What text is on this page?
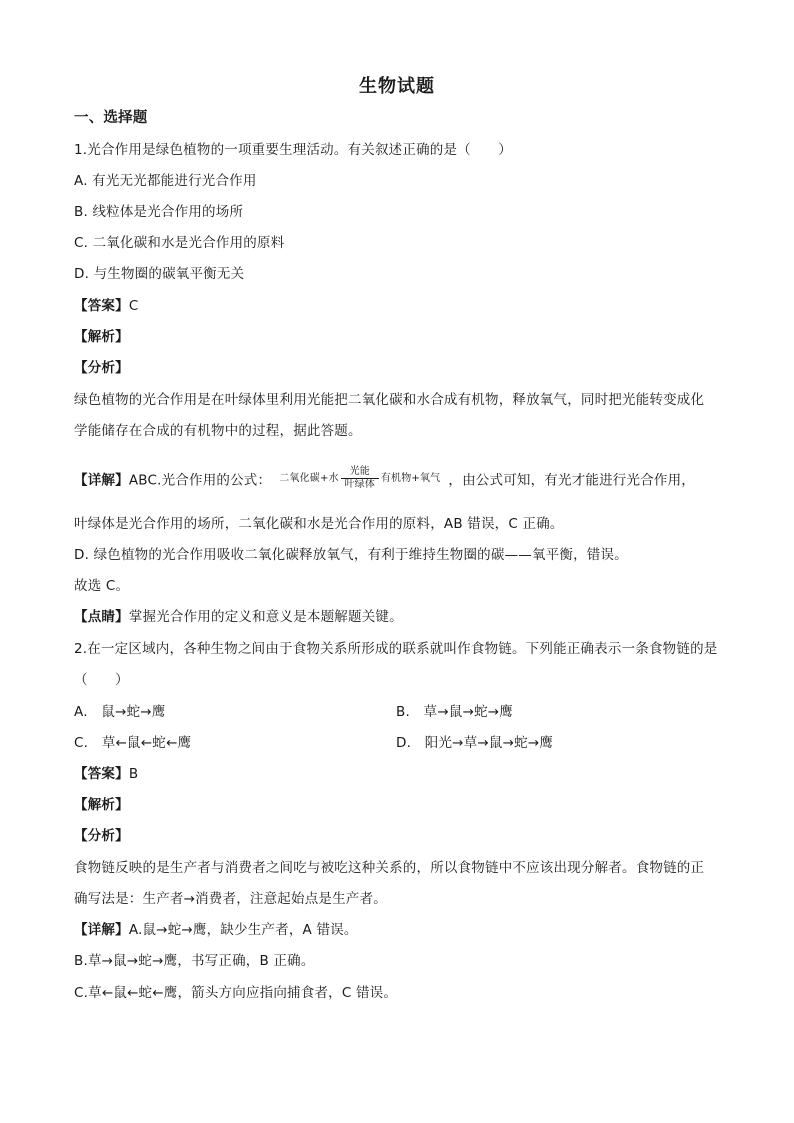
生物试题
一、选择题
1.光合作用是绿色植物的一项重要生理活动。有关叙述正确的是（　　）
A. 有光无光都能进行光合作用
B. 线粒体是光合作用的场所
C. 二氧化碳和水是光合作用的原料
D. 与生物圈的碳氧平衡无关
【答案】C
【解析】
【分析】
绿色植物的光合作用是在叶绿体里利用光能把二氧化碳和水合成有机物，释放氧气，同时把光能转变成化
学能储存在合成的有机物中的过程，据此答题。
【详解】ABC.光合作用的公式： 二氧化碳+水
光能
叶绿体
有机物+氧气 ，由公式可知，有光才能进行光合作用，
叶绿体是光合作用的场所，二氧化碳和水是光合作用的原料，AB 错误，C 正确。
D. 绿色植物的光合作用吸收二氧化碳释放氧气，有利于维持生物圈的碳——氧平衡，错误。
故选 C。
【点睛】掌握光合作用的定义和意义是本题解题关键。
2.在一定区域内，各种生物之间由于食物关系所形成的联系就叫作食物链。下列能正确表示一条食物链的是
（　　）
A.　鼠→蛇→鹰	B.　草→鼠→蛇→鹰
C.　草←鼠←蛇←鹰	D.　阳光→草→鼠→蛇→鹰
【答案】B
【解析】
【分析】
食物链反映的是生产者与消费者之间吃与被吃这种关系的，所以食物链中不应该出现分解者。食物链的正
确写法是：生产者→消费者，注意起始点是生产者。
【详解】A.鼠→蛇→鹰，缺少生产者，A 错误。
B.草→鼠→蛇→鹰，书写正确，B 正确。
C.草←鼠←蛇←鹰，箭头方向应指向捕食者，C 错误。
